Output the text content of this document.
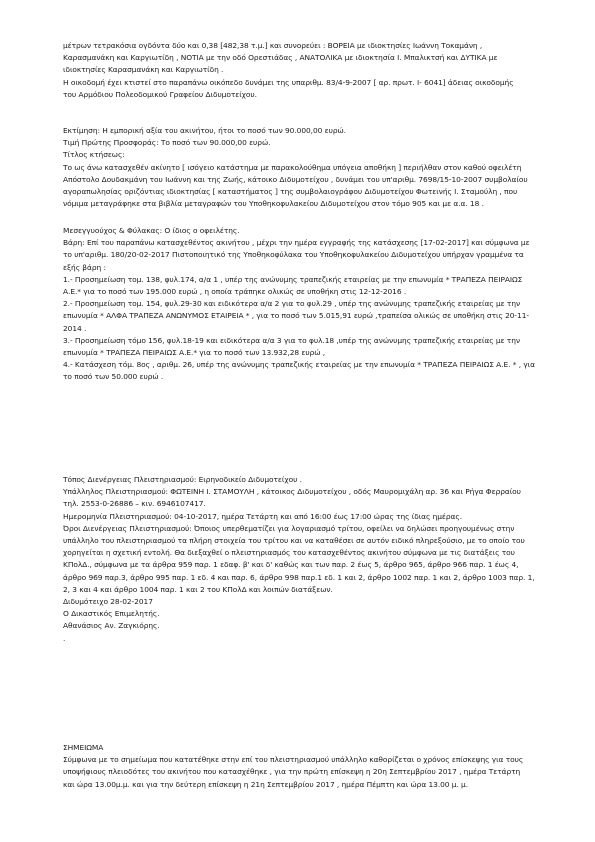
μέτρων τετρακόσια ογδόντα δύο και 0,38 [482,38 τ.μ.] και συνορεύει : ΒΟΡΕΙΑ με ιδιοκτησίες Ιωάννη Τοκαμάνη ,
Καρασμανάκη και Καργιωτίδη , ΝΟΤΙΑ με την οδό Ορεστιάδας , ΑΝΑΤΟΛΙΚΑ με ιδιοκτησία Ι. Μπαλικτσή και ΔΥΤΙΚΑ με
ιδιοκτησίες Καρασμανάκη και Καργιωτίδη .
Η οικοδομή έχει κτιστεί στο παραπάνω οικόπεδο δυνάμει της υπαριθμ. 83/4-9-2007 [ αρ. πρωτ. Ι- 6041] άδειας οικοδομής
του Αρμόδιου Πολεοδομικού Γραφείου Διδυμοτείχου.
Εκτίμηση: Η εμπορική αξία του ακινήτου, ήτοι το ποσό των 90.000,00 ευρώ.
Τιμή Πρώτης Προσφοράς: Το ποσό των 90.000,00 ευρώ.
Τίτλος κτήσεως:
Το ως άνω κατασχεθέν ακίνητο [ ισόγειο κατάστημα με παρακολούθημα υπόγεια αποθήκη ] περιήλθαν στον καθού οφειλέτη
Απόστολο Δουδακμάνη του Ιωάννη και της Ζωής, κάτοικο Διδυμοτείχου , δυνάμει του υπ'αριθμ. 7698/15-10-2007 συμβολαίου
αγοραπωλησίας οριζόντιας ιδιοκτησίας [ καταστήματος ] της συμβολαιογράφου Διδυμοτείχου Φωτεινής Ι. Σταμούλη , που
νόμιμα μεταγράφηκε στα βιβλία μεταγραφών του Υποθηκοφυλακείου Διδυμοτείχου στον τόμο 905 και με α.α. 18 .
Μεσεγγυούχος & Φύλακας: Ο ίδιος ο οφειλέτης.
Βάρη: Επί του παραπάνω κατασχεθέντος ακινήτου , μέχρι την ημέρα εγγραφής της κατάσχεσης [17-02-2017] και σύμφωνα με
το υπ'αριθμ. 180/20-02-2017 Πιστοποιητικό της Υποθηκοφύλακα του Υποθηκοφυλακείου Διδυμοτείχου υπήρχαν γραμμένα τα
εξής βάρη :
1.- Προσημείωση τομ. 138, φυλ.174, α/α 1 , υπέρ της ανώνυμης τραπεζικής εταιρείας με την επωνυμία * ΤΡΑΠΕΖΑ ΠΕΙΡΑΙΩΣ
Α.Ε.* για το ποσό των 195.000 ευρώ , η οποία τράπηκε ολικώς σε υποθήκη στις 12-12-2016 .
2.- Προσημείωση τομ. 154, φυλ.29-30 και ειδικότερα α/α 2 για το φυλ.29 , υπέρ της ανώνυμης τραπεζικής εταιρείας με την
επωνυμία * ΑΛΦΑ ΤΡΑΠΕΖΑ ΑΝΩΝΥΜΟΣ ΕΤΑΙΡΕΙΑ * , για το ποσό των 5.015,91 ευρώ ,τραπείσα ολικώς σε υποθήκη στις 20-11-
2014 .
3.- Προσημείωση τόμο 156, φυλ.18-19 και ειδικότερα α/α 3 για το φυλ.18 ,υπέρ της ανώνυμης τραπεζικής εταιρείας με την
επωνυμία * ΤΡΑΠΕΖΑ ΠΕΙΡΑΙΩΣ Α.Ε.* για το ποσό των 13.932,28 ευρώ ,
4.- Κατάσχεση τόμ. 8ος , αριθμ. 26, υπέρ της ανώνυμης τραπεζικής εταιρείας με την επωνυμία * ΤΡΑΠΕΖΑ ΠΕΙΡΑΙΩΣ Α.Ε. * , για
το ποσό των 50.000 ευρώ .
Τόπος Διενέργειας Πλειστηριασμού: Ειρηνοδικείο Διδυμοτείχου .
Υπάλληλος Πλειστηριασμού: ΦΩΤΕΙΝΗ Ι. ΣΤΑΜΟΥΛΗ , κάτοικος Διδυμοτείχου , οδός Μαυρομιχάλη αρ. 36 και Ρήγα Φερραίου
τηλ. 2553-0-26886 – κιν. 6946107417.
Ημερομηνία Πλειστηριασμού: 04-10-2017, ημέρα Τετάρτη και από 16:00 έως 17:00 ώρας της ίδιας ημέρας.
Όροι Διενέργειας Πλειστηριασμού: Όποιος υπερθεματίζει για λογαριασμό τρίτου, οφείλει να δηλώσει προηγουμένως στην
υπάλληλο του πλειστηριασμού τα πλήρη στοιχεία του τρίτου και να καταθέσει σε αυτόν ειδικό πληρεξούσιο, με το οποίο του
χορηγείται η σχετική εντολή. Θα διεξαχθεί ο πλειστηριασμός του κατασχεθέντος ακινήτου σύμφωνα με τις διατάξεις του
ΚΠολΔ., σύμφωνα με τα άρθρα 959 παρ. 1 εδαφ. β' και δ' καθώς και των παρ. 2 έως 5, άρθρο 965, άρθρο 966 παρ. 1 έως 4,
άρθρο 969 παρ.3, άρθρο 995 παρ. 1 εδ. 4 και παρ. 6, άρθρο 998 παρ.1 εδ. 1 και 2, άρθρο 1002 παρ. 1 και 2, άρθρο 1003 παρ. 1,
2, 3 και 4 και άρθρο 1004 παρ. 1 και 2 του ΚΠολΔ και λοιπών διατάξεων.
Διδυμότειχο 28-02-2017
Ο Δικαστικός Επιμελητής.
Αθανάσιος Αν. Ζαγκιόρης.
.
ΣΗΜΕΙΩΜΑ
Σύμφωνα με το σημείωμα που κατατέθηκε στην επί του πλειστηριασμού υπάλληλο καθορίζεται ο χρόνος επίσκεψης για τους
υποψήφιους πλειοδότες του ακινήτου που κατασχέθηκε , για την πρώτη επίσκεψη η 20η Σεπτεμβρίου 2017 , ημέρα Τετάρτη
και ώρα 13.00μ.μ. και για την δεύτερη επίσκεψη η 21η Σεπτεμβρίου 2017 , ημέρα Πέμπτη και ώρα 13.00 μ. μ.
